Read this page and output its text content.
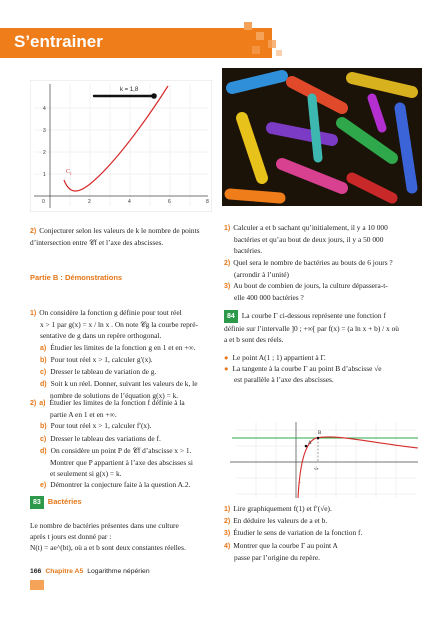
S’entrainer
k = 1,8
C f
0	2	4	6	8
1
2
3
4
2) Conjecturer selon les valeurs de k le nombre de points d’intersection entre 𝒞f et l’axe des abscisses.
Partie B : Démonstrations
1) On considère la fonction g définie pour tout réel
x > 1 par g(x) = x / ln x . On note 𝒞g la courbe repré-
sentative de g dans un repère orthogonal.
a) Étudier les limites de la fonction g en 1 et en +∞.
b) Pour tout réel x > 1, calculer g′(x).
c) Dresser le tableau de variation de g.
d) Soit k un réel. Donner, suivant les valeurs de k, le
nombre de solutions de l’équation g(x) = k.
2) a) Étudier les limites de la fonction f définie à la
partie A en 1 et en +∞.
b) Pour tout réel x > 1, calculer f′(x).
c) Dresser le tableau des variations de f.
d) On considère un point P de 𝒞f d’abscisse x > 1.
Montrer que P appartient à l’axe des abscisses si
et seulement si g(x) = k.
e) Démontrer la conjecture faite à la question A.2.
83 Bactéries
Le nombre de bactéries présentes dans une culture
après t jours est donné par :
N(t) = ae^(bt), où a et b sont deux constantes réelles.
1) Calculer a et b sachant qu’initialement, il y a 10 000
bactéries et qu’au bout de deux jours, il y a 50 000
bactéries.
2) Quel sera le nombre de bactéries au bouts de 6 jours ?
(arrondir à l’unité)
3) Au bout de combien de jours, la culture dépassera-t-
elle 400 000 bactéries ?
84 La courbe Γ ci-dessous représente une fonction f
définie sur l’intervalle ]0 ; +∞[ par f(x) = (a ln x + b) / x où
a et b sont des réels.
● Le point A(1 ; 1) appartient à Γ.
● La tangente à la courbe Γ au point B d’abscisse √e
est parallèle à l’axe des abscisses.
A
B
√e
Γ
1) Lire graphiquement f(1) et f′(√e).
2) En déduire les valeurs de a et b.
3) Étudier le sens de variation de la fonction f.
4) Montrer que la courbe Γ au point A
passe par l’origine du repère.
166 Chapitre A5 Logarithme népérien
